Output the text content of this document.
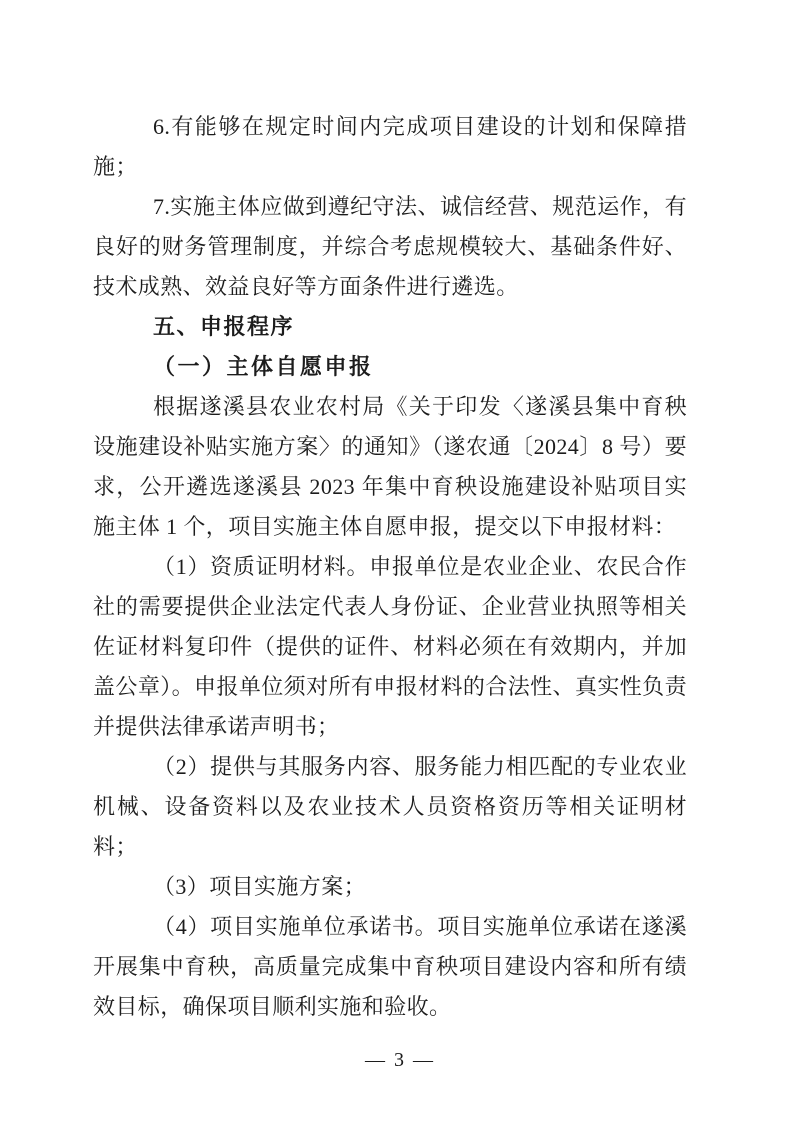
6.有能够在规定时间内完成项目建设的计划和保障措施；

7.实施主体应做到遵纪守法、诚信经营、规范运作，有良好的财务管理制度，并综合考虑规模较大、基础条件好、技术成熟、效益良好等方面条件进行遴选。

五、申报程序

（一）主体自愿申报

根据遂溪县农业农村局《关于印发〈遂溪县集中育秧设施建设补贴实施方案〉的通知》（遂农通〔2024〕8 号）要求，公开遴选遂溪县 2023 年集中育秧设施建设补贴项目实施主体 1 个，项目实施主体自愿申报，提交以下申报材料：

（1）资质证明材料。申报单位是农业企业、农民合作社的需要提供企业法定代表人身份证、企业营业执照等相关佐证材料复印件（提供的证件、材料必须在有效期内，并加盖公章）。申报单位须对所有申报材料的合法性、真实性负责并提供法律承诺声明书；

（2）提供与其服务内容、服务能力相匹配的专业农业机械、设备资料以及农业技术人员资格资历等相关证明材料；

（3）项目实施方案；

（4）项目实施单位承诺书。项目实施单位承诺在遂溪开展集中育秧，高质量完成集中育秧项目建设内容和所有绩效目标，确保项目顺利实施和验收。

— 3 —
